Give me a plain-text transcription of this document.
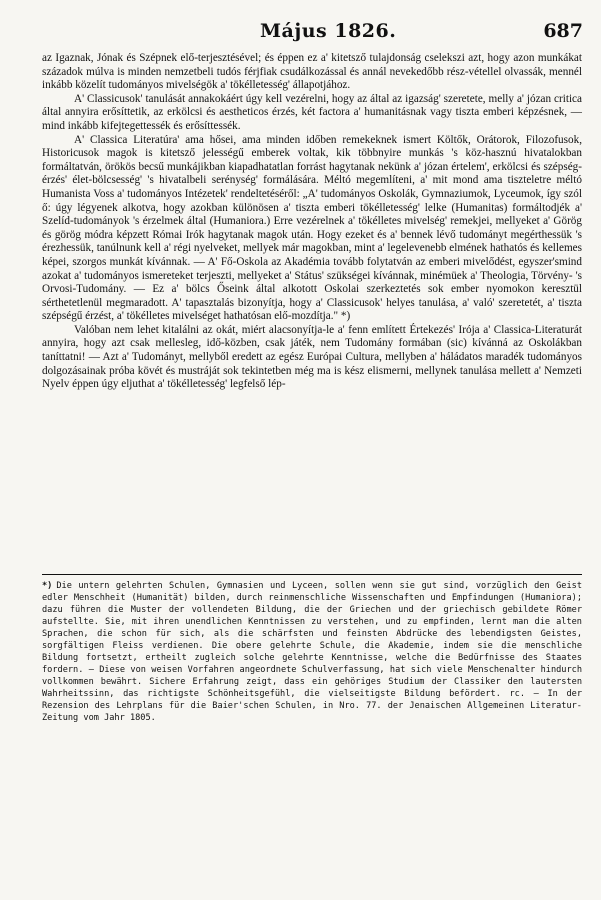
Május 1826.	687

az Igaznak, Jónak és Szépnek elő-terjesztésével; és éppen ez a' kitetsző tulajdonság cselekszi azt, hogy azon munkákat századok múlva is minden nemzetbeli tudós férjfiak csudálkozással és annál nevekedőbb rész-vétellel olvassák, mennél inkább közelít tudományos mivelségök a' tökélletesség' állapotjához.

A' Classicusok' tanulását annakokáért úgy kell vezérelni, hogy az által az igazság' szeretete, melly a' józan critica által annyira erősíttetik, az erkölcsi és aestheticos érzés, két factora a' humanitásnak vagy tiszta emberi képzésnek, — mind inkább kifejtegettessék és erősíttessék.

A' Classica Literatúra' ama hősei, ama minden időben remekeknek ismert Költők, Orátorok, Filozofusok, Historicusok magok is kitetsző jelességű emberek voltak, kik többnyire munkás 's köz-hasznú hivatalokban formáltatván, örökös becsű munkájikban kiapadhatatlan forrást hagytanak nekünk a' józan értelem', erkölcsi és szépség-érzés' élet-bölcsesség' 's hivatalbeli serénység' formálására. Méltó megemlíteni, a' mit mond ama tiszteletre méltó Humanista Voss a' tudományos Intézetek' rendeltetéséről: „A' tudományos Oskolák, Gymnaziumok, Lyceumok, így szól ő: úgy légyenek alkotva, hogy azokban különösen a' tiszta emberi tökélletesség' lelke (Humanitas) formáltodjék a' Szelíd-tudományok 's érzelmek által (Humaniora.) Erre vezérelnek a' tökélletes mivelség' remekjei, mellyeket a' Görög és görög módra képzett Római Irók hagytanak magok után. Hogy ezeket és a' bennek lévő tudományt megérthessük 's érezhessük, tanúlnunk kell a' régi nyelveket, mellyek már magokban, mint a' legelevenebb elmének hathatós és kellemes képei, szorgos munkát kívánnak. — A' Fő-Oskola az Akadémia tovább folytatván az emberi mivelődést, egyszer'smind azokat a' tudományos ismereteket terjeszti, mellyeket a' Státus' szükségei kívánnak, minémüek a' Theologia, Törvény- 's Orvosi-Tudomány. — Ez a' bölcs Őseink által alkotott Oskolai szerkeztetés sok ember nyomokon keresztül sérthetetlenül megmaradott. A' tapasztalás bizonyítja, hogy a' Classicusok' helyes tanulása, a' való' szeretetét, a' tiszta szépségű érzést, a' tökélletes mivelséget hathatósan elő-mozdítja." *)

Valóban nem lehet kitalálni az okát, miért alacsonyítja-le a' fenn említett Értekezés' Irója a' Classica-Literaturát annyira, hogy azt csak mellesleg, idő-közben, csak játék, nem Tudomány formában (sic) kívánná az Oskolákban taníttatni! — Azt a' Tudományt, mellyből eredett az egész Európai Cultura, mellyben a' háládatos maradék tudományos dolgozásainak próba kövét és mustráját sok tekintetben még ma is kész elismerni, mellynek tanulása mellett a' Nemzeti Nyelv éppen úgy eljuthat a' tökélletesség' legfelső lép-

*) Die untern gelehrten Schulen, Gymnasien und Lyceen, sollen wenn sie gut sind, vorzüglich den Geist edler Menschheit (Humanität) bilden, durch reinmenschliche Wissenschaften und Empfindungen (Humaniora); dazu führen die Muster der vollendeten Bildung, die der Griechen und der griechisch gebildete Römer aufstellte. Sie, mit ihren unendlichen Kenntnissen zu verstehen, und zu empfinden, lernt man die alten Sprachen, die schon für sich, als die schärfsten und feinsten Abdrücke des lebendigsten Geistes, sorgfältigen Fleiss verdienen. Die obere gelehrte Schule, die Akademie, indem sie die menschliche Bildung fortsetzt, ertheilt zugleich solche gelehrte Kenntnisse, welche die Bedürfnisse des Staates fordern. — Diese von weisen Vorfahren angeordnete Schulverfassung, hat sich viele Menschenalter hindurch vollkommen bewährt. Sichere Erfahrung zeigt, dass ein gehöriges Studium der Classiker den lautersten Wahrheitssinn, das richtigste Schönheitsgefühl, die vielseitigste Bildung befördert. rc. — In der Rezension des Lehrplans für die Baier'schen Schulen, in Nro. 77. der Jenaischen Allgemeinen Literatur-Zeitung vom Jahr 1805.
